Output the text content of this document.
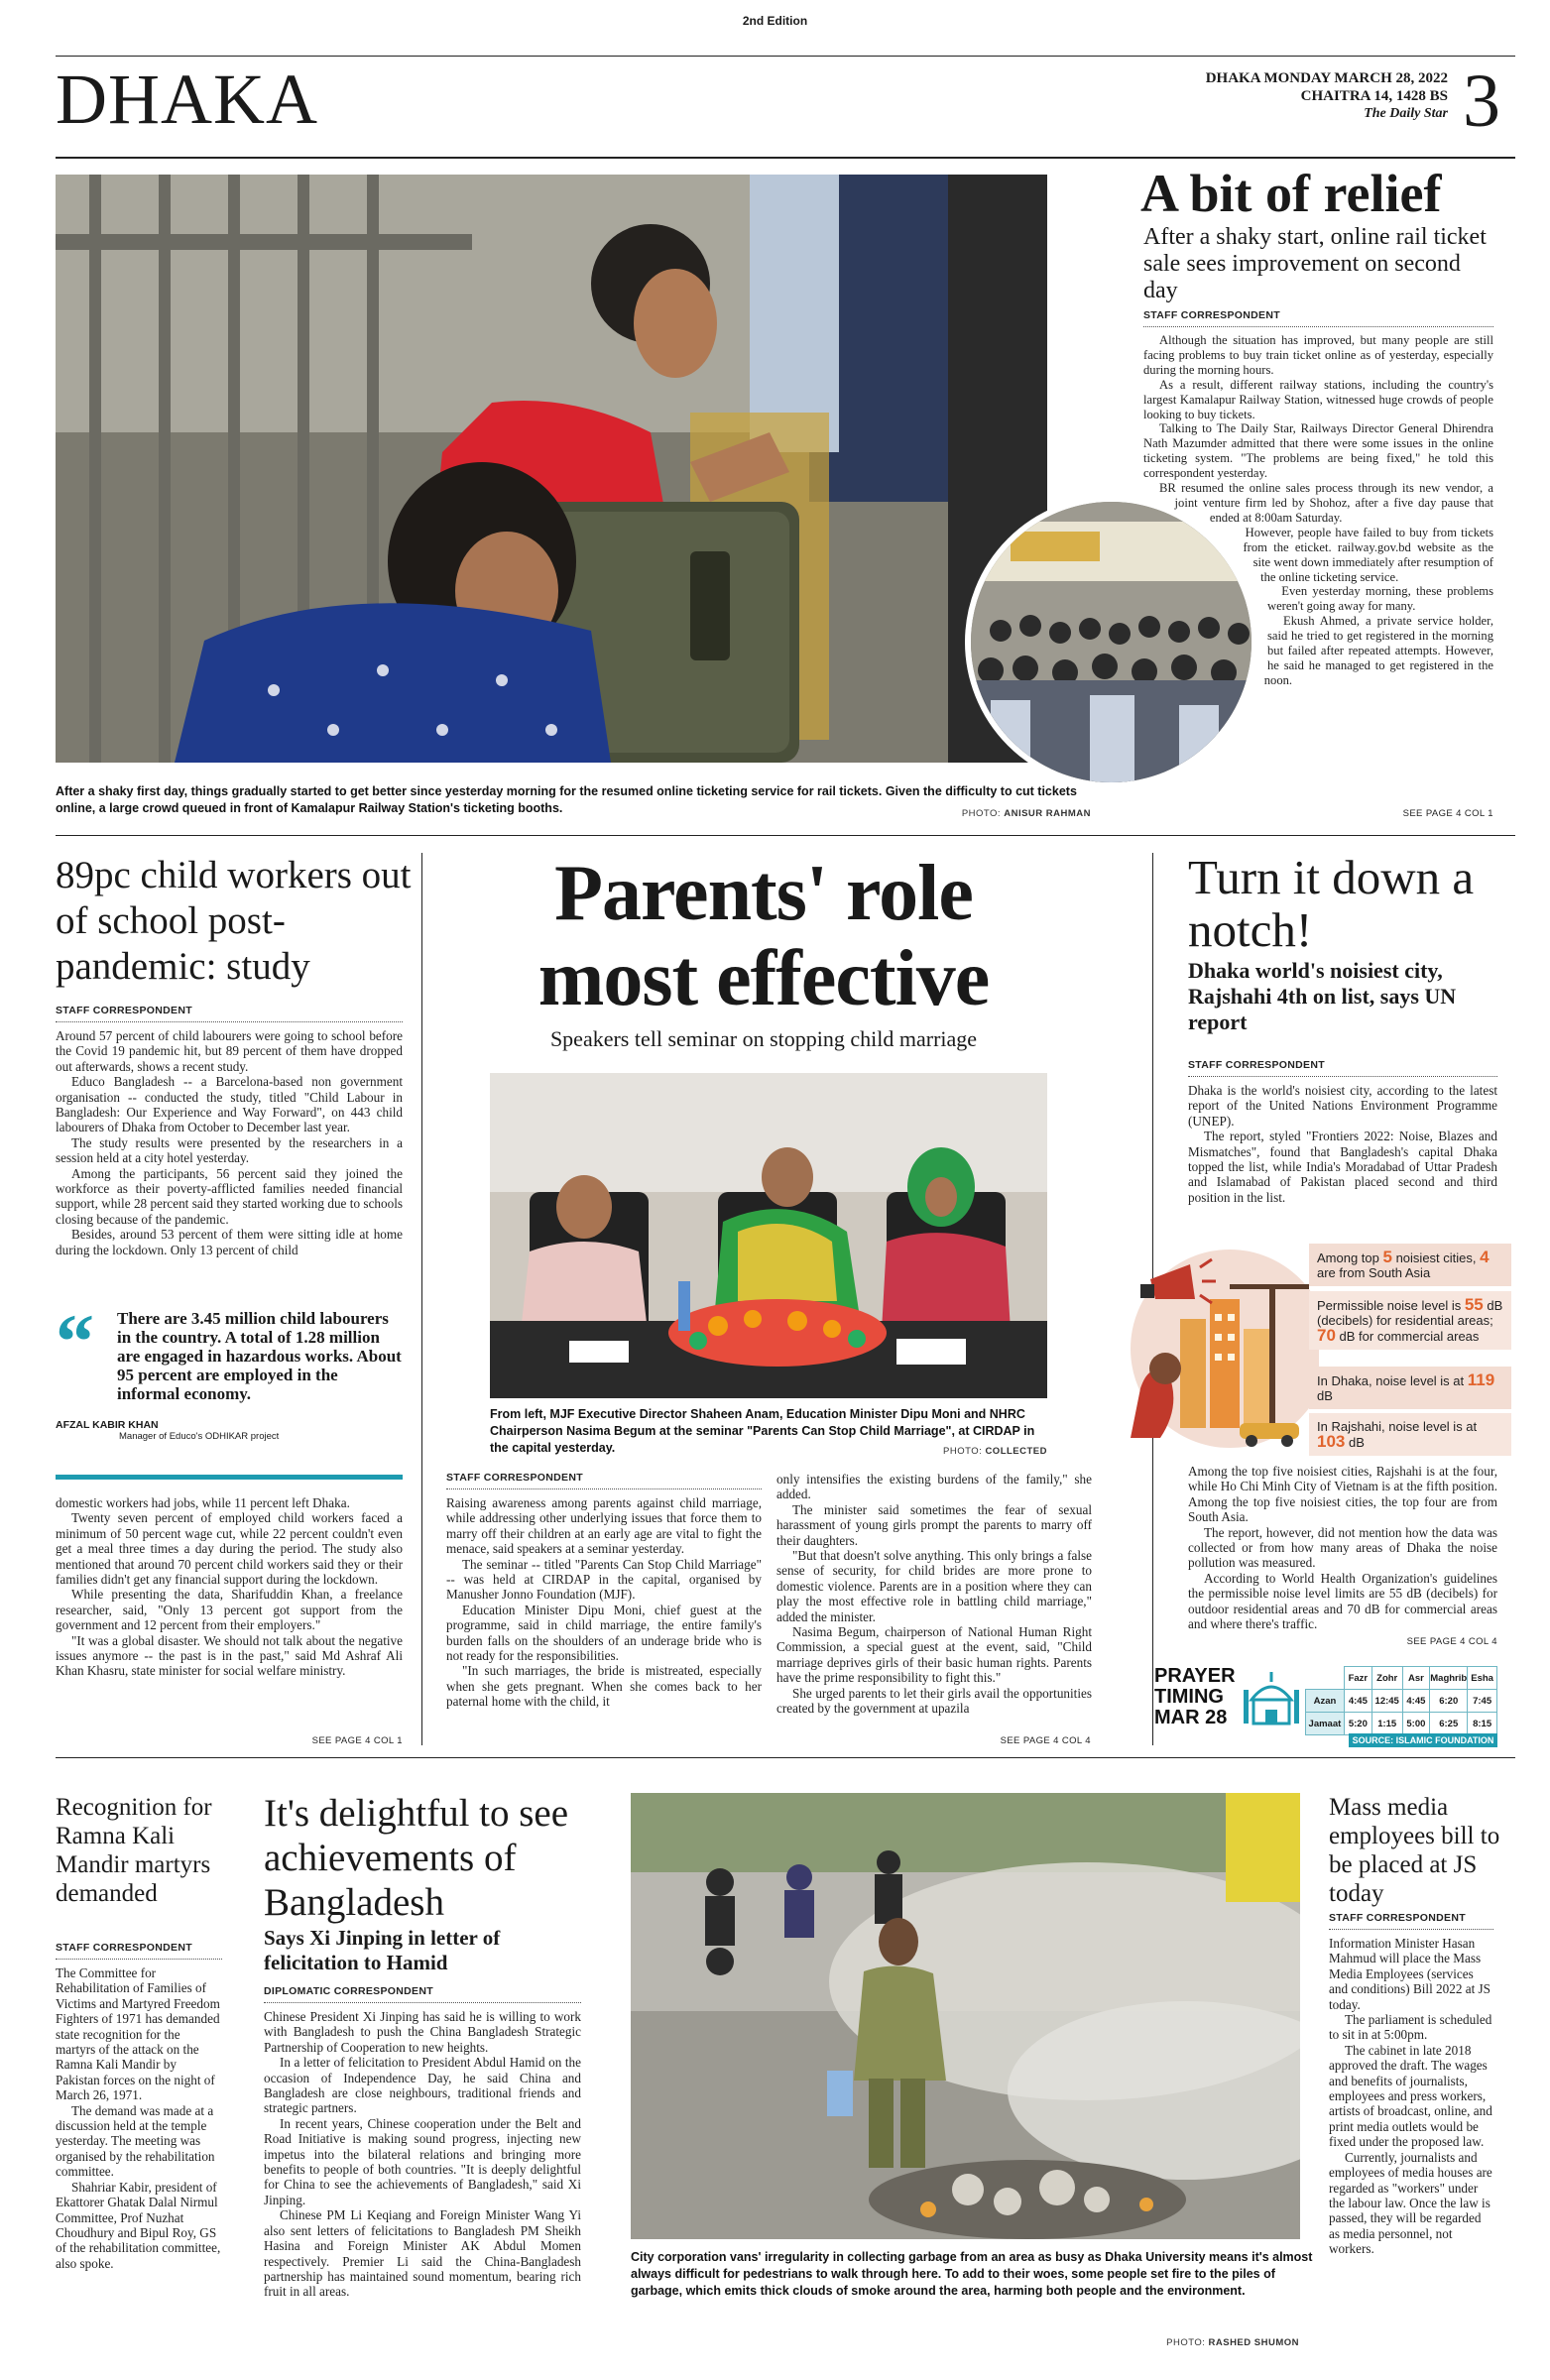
2nd Edition
DHAKA	DHAKA MONDAY MARCH 28, 2022
CHAITRA 14, 1428 BS
The Daily Star 3
After a shaky first day, things gradually started to get better since yesterday morning for the resumed online ticketing service for rail tickets. Given the difficulty to cut tickets online, a large crowd queued in front of Kamalapur Railway Station's ticketing booths.	PHOTO: ANISUR RAHMAN
A bit of relief
After a shaky start, online rail ticket sale sees improvement on second day
STAFF CORRESPONDENT

Although the situation has improved, but many people are still facing problems to buy train ticket online as of yesterday, especially during the morning hours.

As a result, different railway stations, including the country's largest Kamalapur Railway Station, witnessed huge crowds of people looking to buy tickets.

Talking to The Daily Star, Railways Director General Dhirendra Nath Mazumder admitted that there were some issues in the online ticketing system. "The problems are being fixed," he told this correspondent yesterday.

BR resumed the online sales process through its new vendor, a joint venture firm led by Shohoz, after a five day pause that ended at 8:00am Saturday.

However, people have failed to buy from tickets from the eticket. railway.gov.bd website as the site went down immediately after resumption of the online ticketing service.

Even yesterday morning, these problems weren't going away for many.

Ekush Ahmed, a private service holder, said he tried to get registered in the morning but failed after repeated attempts. However, he said he managed to get registered in the noon.

SEE PAGE 4 COL 1
89pc child workers out of school post-pandemic: study
STAFF CORRESPONDENT

Around 57 percent of child labourers were going to school before the Covid 19 pandemic hit, but 89 percent of them have dropped out afterwards, shows a recent study.

Educo Bangladesh -- a Barcelona-based non government organisation -- conducted the study, titled "Child Labour in Bangladesh: Our Experience and Way Forward", on 443 child labourers of Dhaka from October to December last year.

The study results were presented by the researchers in a session held at a city hotel yesterday.

Among the participants, 56 percent said they joined the workforce as their poverty-afflicted families needed financial support, while 28 percent said they started working due to schools closing because of the pandemic.

Besides, around 53 percent of them were sitting idle at home during the lockdown. Only 13 percent of child

“ There are 3.45 million child labourers in the country. A total of 1.28 million are engaged in hazardous works. About 95 percent are employed in the informal economy.
AFZAL KABIR KHAN
Manager of Educo's ODHIKAR project

domestic workers had jobs, while 11 percent left Dhaka.

Twenty seven percent of employed child workers faced a minimum of 50 percent wage cut, while 22 percent couldn't even get a meal three times a day during the period. The study also mentioned that around 70 percent child workers said they or their families didn't get any financial support during the lockdown.

While presenting the data, Sharifuddin Khan, a freelance researcher, said, "Only 13 percent got support from the government and 12 percent from their employers."

"It was a global disaster. We should not talk about the negative issues anymore -- the past is in the past," said Md Ashraf Ali Khan Khasru, state minister for social welfare ministry.

SEE PAGE 4 COL 1
Parents' role
most effective
Speakers tell seminar on stopping child marriage
From left, MJF Executive Director Shaheen Anam, Education Minister Dipu Moni and NHRC Chairperson Nasima Begum at the seminar "Parents Can Stop Child Marriage", at CIRDAP in the capital yesterday.	PHOTO: COLLECTED
STAFF CORRESPONDENT

Raising awareness among parents against child marriage, while addressing other underlying issues that force them to marry off their children at an early age are vital to fight the menace, said speakers at a seminar yesterday.

The seminar -- titled "Parents Can Stop Child Marriage" -- was held at CIRDAP in the capital, organised by Manusher Jonno Foundation (MJF).

Education Minister Dipu Moni, chief guest at the programme, said in child marriage, the entire family's burden falls on the shoulders of an underage bride who is not ready for the responsibilities.

"In such marriages, the bride is mistreated, especially when she gets pregnant. When she comes back to her paternal home with the child, it

only intensifies the existing burdens of the family," she added.

The minister said sometimes the fear of sexual harassment of young girls prompt the parents to marry off their daughters.

"But that doesn't solve anything. This only brings a false sense of security, for child brides are more prone to domestic violence. Parents are in a position where they can play the most effective role in battling child marriage," added the minister.

Nasima Begum, chairperson of National Human Right Commission, a special guest at the event, said, "Child marriage deprives girls of their basic human rights. Parents have the prime responsibility to fight this."

She urged parents to let their girls avail the opportunities created by the government at upazila

SEE PAGE 4 COL 4
Turn it down a notch!
Dhaka world's noisiest city, Rajshahi 4th on list, says UN report
STAFF CORRESPONDENT

Dhaka is the world's noisiest city, according to the latest report of the United Nations Environment Programme (UNEP).

The report, styled "Frontiers 2022: Noise, Blazes and Mismatches", found that Bangladesh's capital Dhaka topped the list, while India's Moradabad of Uttar Pradesh and Islamabad of Pakistan placed second and third position in the list.

Among top 5 noisiest cities, 4 are from South Asia
Permissible noise level is 55 dB (decibels) for residential areas; 70 dB for commercial areas
In Dhaka, noise level is at 119 dB
In Rajshahi, noise level is at 103 dB

Among the top five noisiest cities, Rajshahi is at the four, while Ho Chi Minh City of Vietnam is at the fifth position. Among the top five noisiest cities, the top four are from South Asia.

The report, however, did not mention how the data was collected or from how many areas of Dhaka the noise pollution was measured.

According to World Health Organization's guidelines the permissible noise level limits are 55 dB (decibels) for outdoor residential areas and 70 dB for commercial areas and where there's traffic.

SEE PAGE 4 COL 4
PRAYER
TIMING
MAR 28
	Fazr	Zohr	Asr	Maghrib	Esha
Azan	4:45	12:45	4:45	6:20	7:45
Jamaat	5:20	1:15	5:00	6:25	8:15
SOURCE: ISLAMIC FOUNDATION
Recognition for Ramna Kali Mandir martyrs demanded
STAFF CORRESPONDENT

The Committee for Rehabilitation of Families of Victims and Martyred Freedom Fighters of 1971 has demanded state recognition for the martyrs of the attack on the Ramna Kali Mandir by Pakistan forces on the night of March 26, 1971.

The demand was made at a discussion held at the temple yesterday. The meeting was organised by the rehabilitation committee.

Shahriar Kabir, president of Ekattorer Ghatak Dalal Nirmul Committee, Prof Nuzhat Choudhury and Bipul Roy, GS of the rehabilitation committee, also spoke.

It's delightful to see achievements of Bangladesh
Says Xi Jinping in letter of felicitation to Hamid
DIPLOMATIC CORRESPONDENT

Chinese President Xi Jinping has said he is willing to work with Bangladesh to push the China Bangladesh Strategic Partnership of Cooperation to new heights.

In a letter of felicitation to President Abdul Hamid on the occasion of Independence Day, he said China and Bangladesh are close neighbours, traditional friends and strategic partners.

In recent years, Chinese cooperation under the Belt and Road Initiative is making sound progress, injecting new impetus into the bilateral relations and bringing more benefits to people of both countries. "It is deeply delightful for China to see the achievements of Bangladesh," said Xi Jinping.

Chinese PM Li Keqiang and Foreign Minister Wang Yi also sent letters of felicitations to Bangladesh PM Sheikh Hasina and Foreign Minister AK Abdul Momen respectively. Premier Li said the China-Bangladesh partnership has maintained sound momentum, bearing rich fruit in all areas.

City corporation vans' irregularity in collecting garbage from an area as busy as Dhaka University means it's almost always difficult for pedestrians to walk through here. To add to their woes, some people set fire to the piles of garbage, which emits thick clouds of smoke around the area, harming both people and the environment.
PHOTO: RASHED SHUMON
Mass media employees bill to be placed at JS today
STAFF CORRESPONDENT

Information Minister Hasan Mahmud will place the Mass Media Employees (services and conditions) Bill 2022 at JS today.

The parliament is scheduled to sit in at 5:00pm.

The cabinet in late 2018 approved the draft. The wages and benefits of journalists, employees and press workers, artists of broadcast, online, and print media outlets would be fixed under the proposed law.

Currently, journalists and employees of media houses are regarded as "workers" under the labour law. Once the law is passed, they will be regarded as media personnel, not workers.
